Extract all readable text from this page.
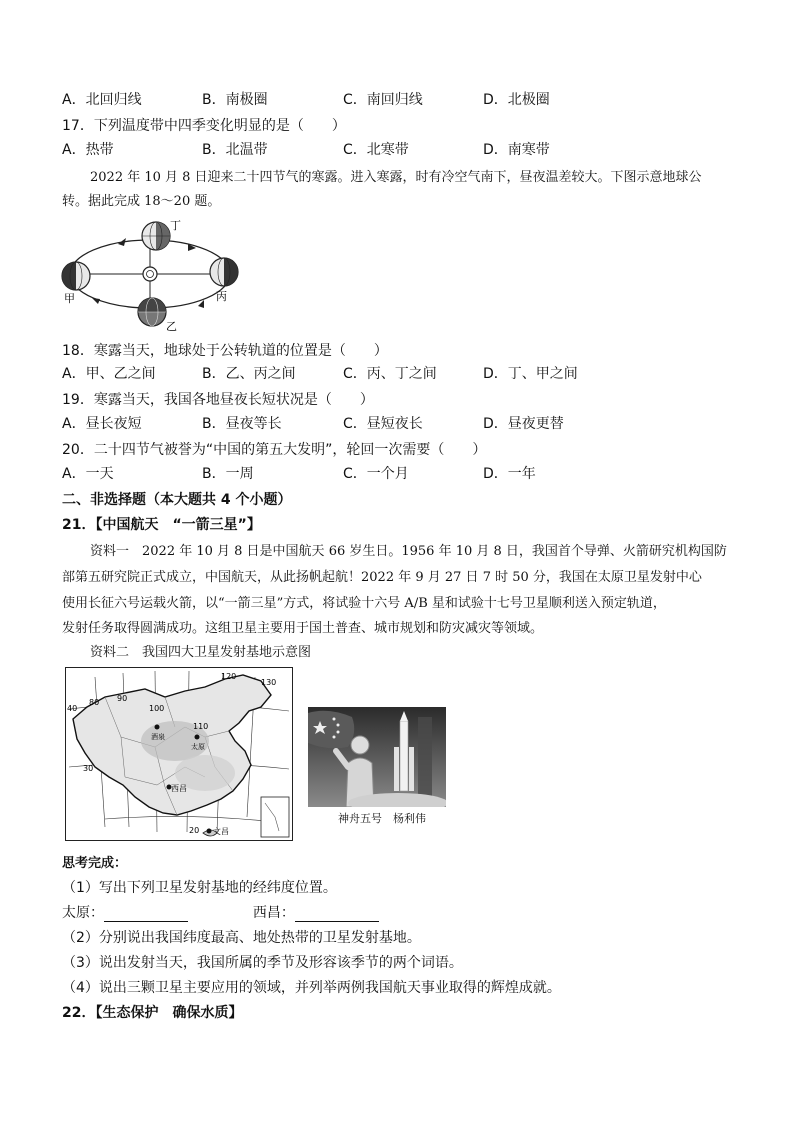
A．北回归线	B．南极圈	C．南回归线	D．北极圈
17．下列温度带中四季变化明显的是（　　）
A．热带	B．北温带	C．北寒带	D．南寒带
2022 年 10 月 8 日迎来二十四节气的寒露。进入寒露，时有冷空气南下，昼夜温差较大。下图示意地球公
转。据此完成 18～20 题。
丁
甲
乙
丙
18．寒露当天，地球处于公转轨道的位置是（　　）
A．甲、乙之间	B．乙、丙之间	C．丙、丁之间	D．丁、甲之间
19．寒露当天，我国各地昼夜长短状况是（　　）
A．昼长夜短	B．昼夜等长	C．昼短夜长	D．昼夜更替
20．二十四节气被誉为“中国的第五大发明”，轮回一次需要（　　）
A．一天	B．一周	C．一个月	D．一年
二、非选择题（本大题共 4 个小题）
21．【中国航天　“一箭三星”】
资料一　2022 年 10 月 8 日是中国航天 66 岁生日。1956 年 10 月 8 日，我国首个导弹、火箭研究机构国防
部第五研究院正式成立，中国航天，从此扬帆起航！2022 年 9 月 27 日 7 时 50 分，我国在太原卫星发射中心
使用长征六号运载火箭，以“一箭三星”方式，将试验十六号 A/B 星和试验十七号卫星顺利送入预定轨道，
发射任务取得圆满成功。这组卫星主要用于国土普查、城市规划和防灾减灾等领域。
资料二　我国四大卫星发射基地示意图
80 90
100
110
120
130
40
30
20
酒泉
太原
西昌
文昌
神舟五号　杨利伟
思考完成：
（1）写出下列卫星发射基地的经纬度位置。
太原：	西昌：
（2）分别说出我国纬度最高、地处热带的卫星发射基地。
（3）说出发射当天，我国所属的季节及形容该季节的两个词语。
（4）说出三颗卫星主要应用的领域，并列举两例我国航天事业取得的辉煌成就。
22．【生态保护　确保水质】
